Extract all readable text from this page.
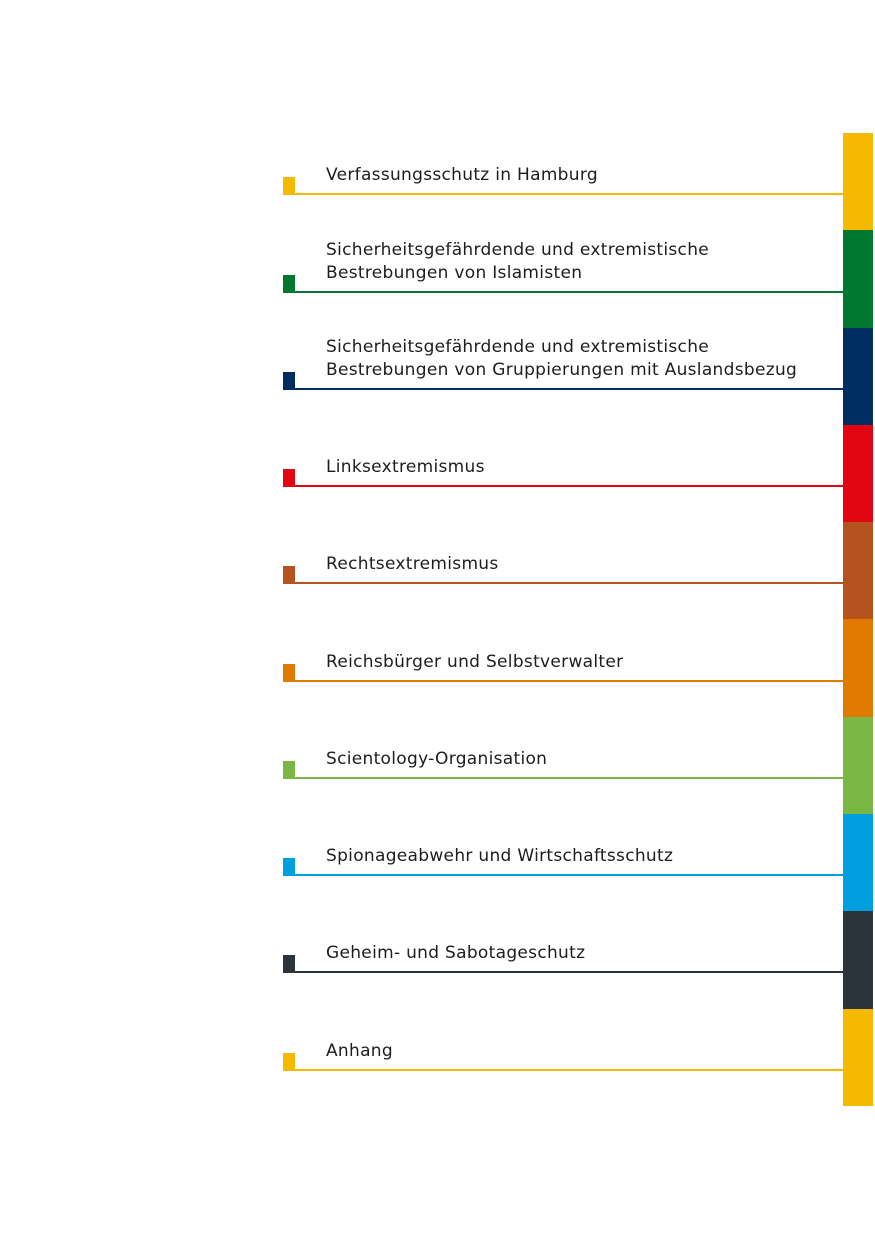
Verfassungsschutz in Hamburg
Sicherheitsgefährdende und extremistische
Bestrebungen von Islamisten
Sicherheitsgefährdende und extremistische
Bestrebungen von Gruppierungen mit Auslandsbezug
Linksextremismus
Rechtsextremismus
Reichsbürger und Selbstverwalter
Scientology-Organisation
Spionageabwehr und Wirtschaftsschutz
Geheim- und Sabotageschutz
Anhang
